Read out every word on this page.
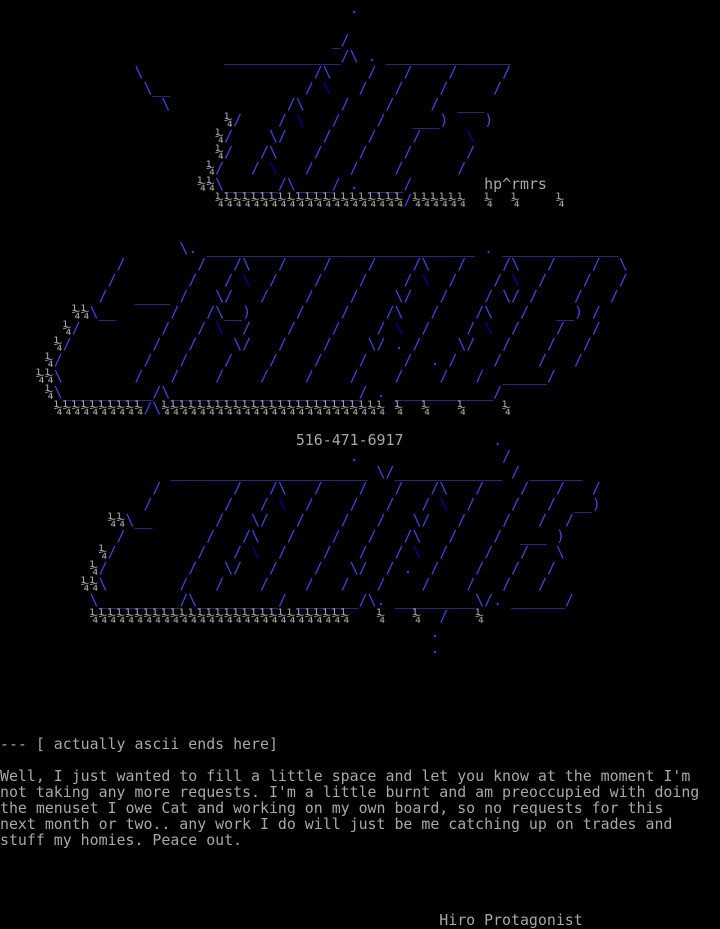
.
_/
_____________/\ . ______________
\	/\ / / /	/
\__	/ \ / / /	/
\	/\ / / / ___
¼/ / \ / / ___) )
¼/ \/ / / /	\
¼/ /\ / / /	/
¼/ / \ / / /	/
¼¼\______/\____/ . ____/	hp^rmrs
¼¼¼¼¼¼¼¼¼¼¼¼¼¼¼¼¼¼¼¼¼/¼¼¼¼¼¼ ¼ ¼ ¼
\. ______________________________ . _____________
/	/ /\ / / / /\ / /\ / / \
/	/ / \ / / / / \ / / \ / / /
/ ____ / \/ / / / \/ / / \/ / / /
¼¼\__	/ /\__)	/ / /\ / /\ / __) /
¼/	/ / \ / / / / \ / / \ / / /
¼/	/ / \/ / / \/ . / \/ / / /
¼/	/ / / / / / / . / / / /
¼¼\	/ / / / / / / / / _____/
¼\__________/\_____________________/ . ___________/
¼¼¼¼¼¼¼¼¼¼/\¼¼¼¼¼¼¼¼¼¼¼¼¼¼¼¼¼¼¼¼¼¼¼¼¼ ¼ ¼ ¼ ¼
516-471-6917	.
.	/
______________________ \/____________ / ______
/	/ /\ / / / /\ / / / /
/	/ / \ / / / / \ / / / __)
¼¼\__	/ \/ / / / \/ / / / /
/	/ /\ / / / /\ / / ___ )
¼/	/ / \ / / / / \ / / / \
¼/	/ \/ / / \/ / . / / / /
¼¼\	/ / / / / / / / / /
\_________/\_________/ _______/\. _________\/. ______/
¼¼¼¼¼¼¼¼¼¼¼¼¼¼¼¼¼¼¼¼¼¼¼¼¼¼¼¼¼ ¼ ¼ / ¼
.
.
--- [ actually ascii ends here]
Well, I just wanted to fill a little space and let you know at the moment I'm
not taking any more requests. I'm a little burnt and am preoccupied with doing
the menuset I owe Cat and working on my own board, so no requests for this
next month or two.. any work I do will just be me catching up on trades and
stuff my homies. Peace out.
Hiro Protagonist
